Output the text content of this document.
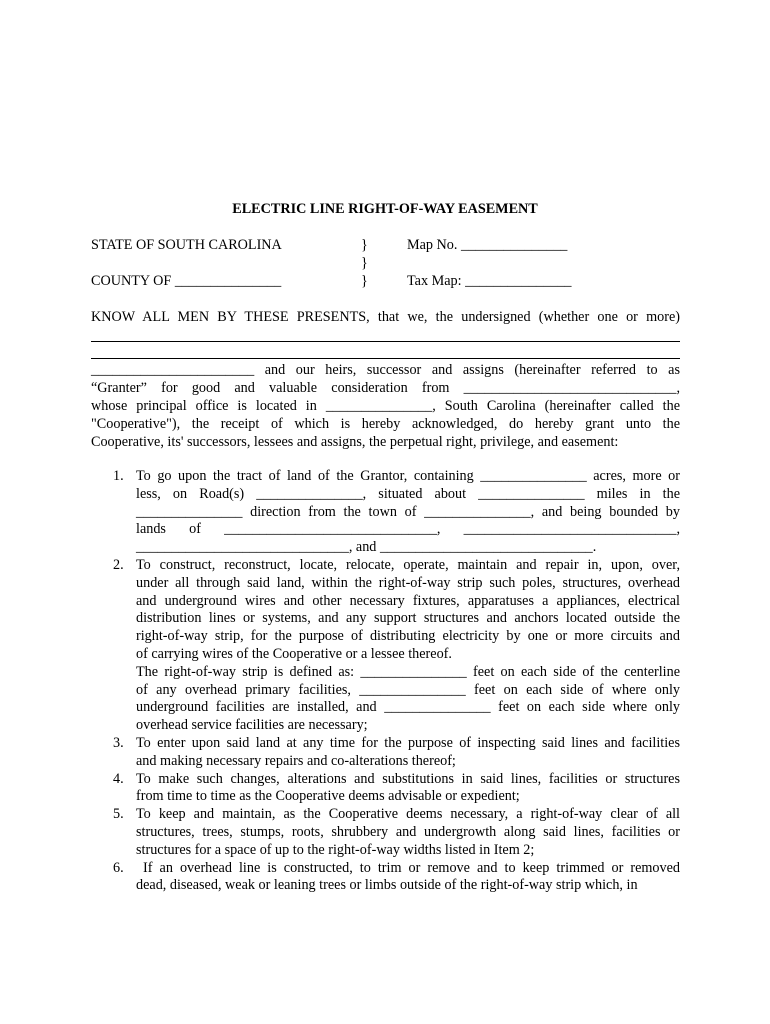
ELECTRIC LINE RIGHT-OF-WAY EASEMENT
STATE OF SOUTH CAROLINA	}	Map No. _______________
}
COUNTY OF _______________	}	Tax Map: _______________
KNOW ALL MEN BY THESE PRESENTS, that we, the undersigned (whether one or more)
_______________________ and our heirs, successor and assigns (hereinafter referred to as
“Granter” for good and valuable consideration from ______________________________,
whose principal office is located in _______________, South Carolina (hereinafter called the
"Cooperative"), the receipt of which is hereby acknowledged, do hereby grant unto the
Cooperative, its' successors, lessees and assigns, the perpetual right, privilege, and easement:
1. To go upon the tract of land of the Grantor, containing _______________ acres, more or
less, on Road(s) _______________, situated about _______________ miles in the
_______________ direction from the town of _______________, and being bounded by
lands of ______________________________, ______________________________,
______________________________, and ______________________________.
2. To construct, reconstruct, locate, relocate, operate, maintain and repair in, upon, over,
under all through said land, within the right-of-way strip such poles, structures, overhead
and underground wires and other necessary fixtures, apparatuses a appliances, electrical
distribution lines or systems, and any support structures and anchors located outside the
right-of-way strip, for the purpose of distributing electricity by one or more circuits and
of carrying wires of the Cooperative or a lessee thereof.
The right-of-way strip is defined as: _______________ feet on each side of the centerline
of any overhead primary facilities, _______________ feet on each side of where only
underground facilities are installed, and _______________ feet on each side where only
overhead service facilities are necessary;
3. To enter upon said land at any time for the purpose of inspecting said lines and facilities
and making necessary repairs and co-alterations thereof;
4. To make such changes, alterations and substitutions in said lines, facilities or structures
from time to time as the Cooperative deems advisable or expedient;
5. To keep and maintain, as the Cooperative deems necessary, a right-of-way clear of all
structures, trees, stumps, roots, shrubbery and undergrowth along said lines, facilities or
structures for a space of up to the right-of-way widths listed in Item 2;
6. If an overhead line is constructed, to trim or remove and to keep trimmed or removed
dead, diseased, weak or leaning trees or limbs outside of the right-of-way strip which, in
